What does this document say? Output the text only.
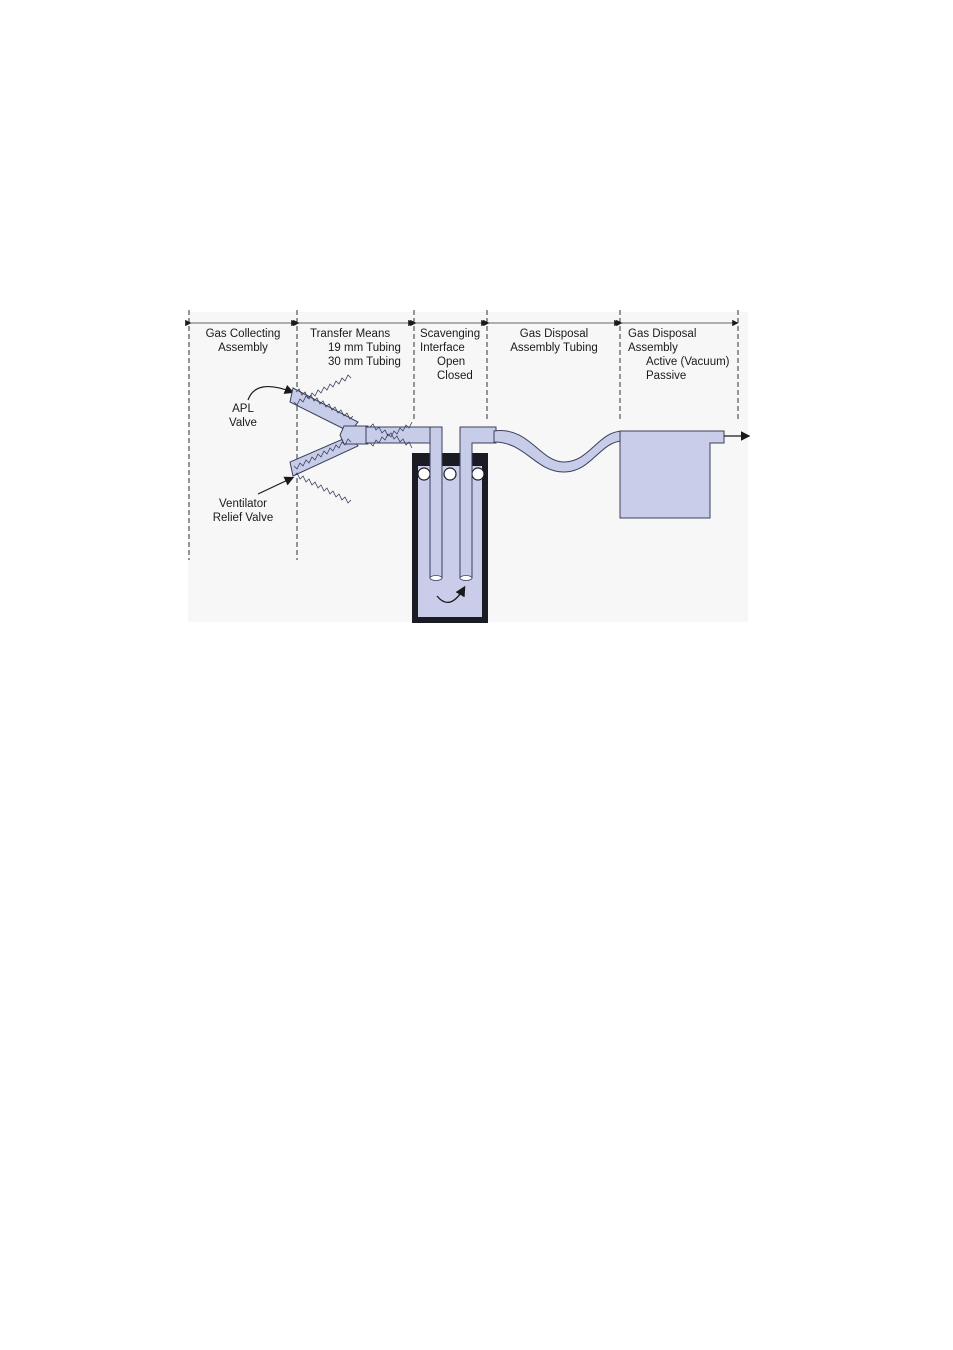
Gas Collecting
Assembly
Transfer Means
19 mm Tubing
30 mm Tubing
Scavenging
Interface
Open
Closed
Gas Disposal
Assembly Tubing
Gas Disposal
Assembly
Active (Vacuum)
Passive
APL
Valve
Ventilator
Relief Valve
